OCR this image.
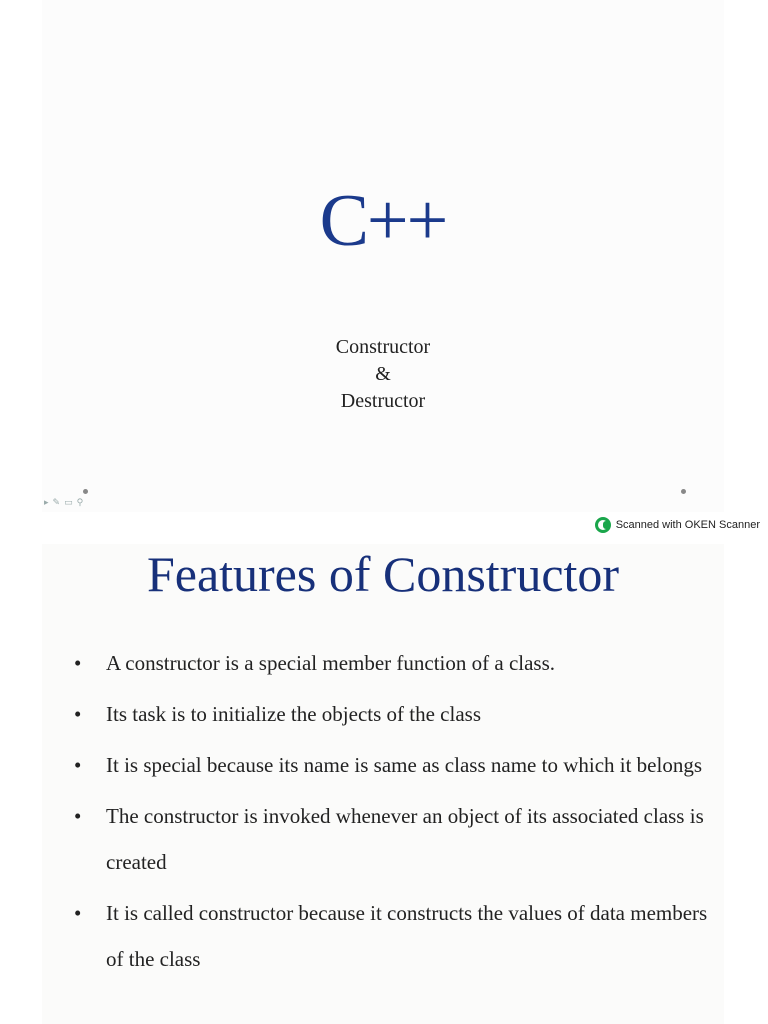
C++
Constructor
&
Destructor
▸ ✎ ▭ ⚲
Scanned with OKEN Scanner
Features of Constructor
• A constructor is a special member function of a class.
• Its task is to initialize the objects of the class
• It is special because its name is same as class name to which it belongs
• The constructor is invoked whenever an object of its associated class is created
• It is called constructor because it constructs the values of data members of the class
